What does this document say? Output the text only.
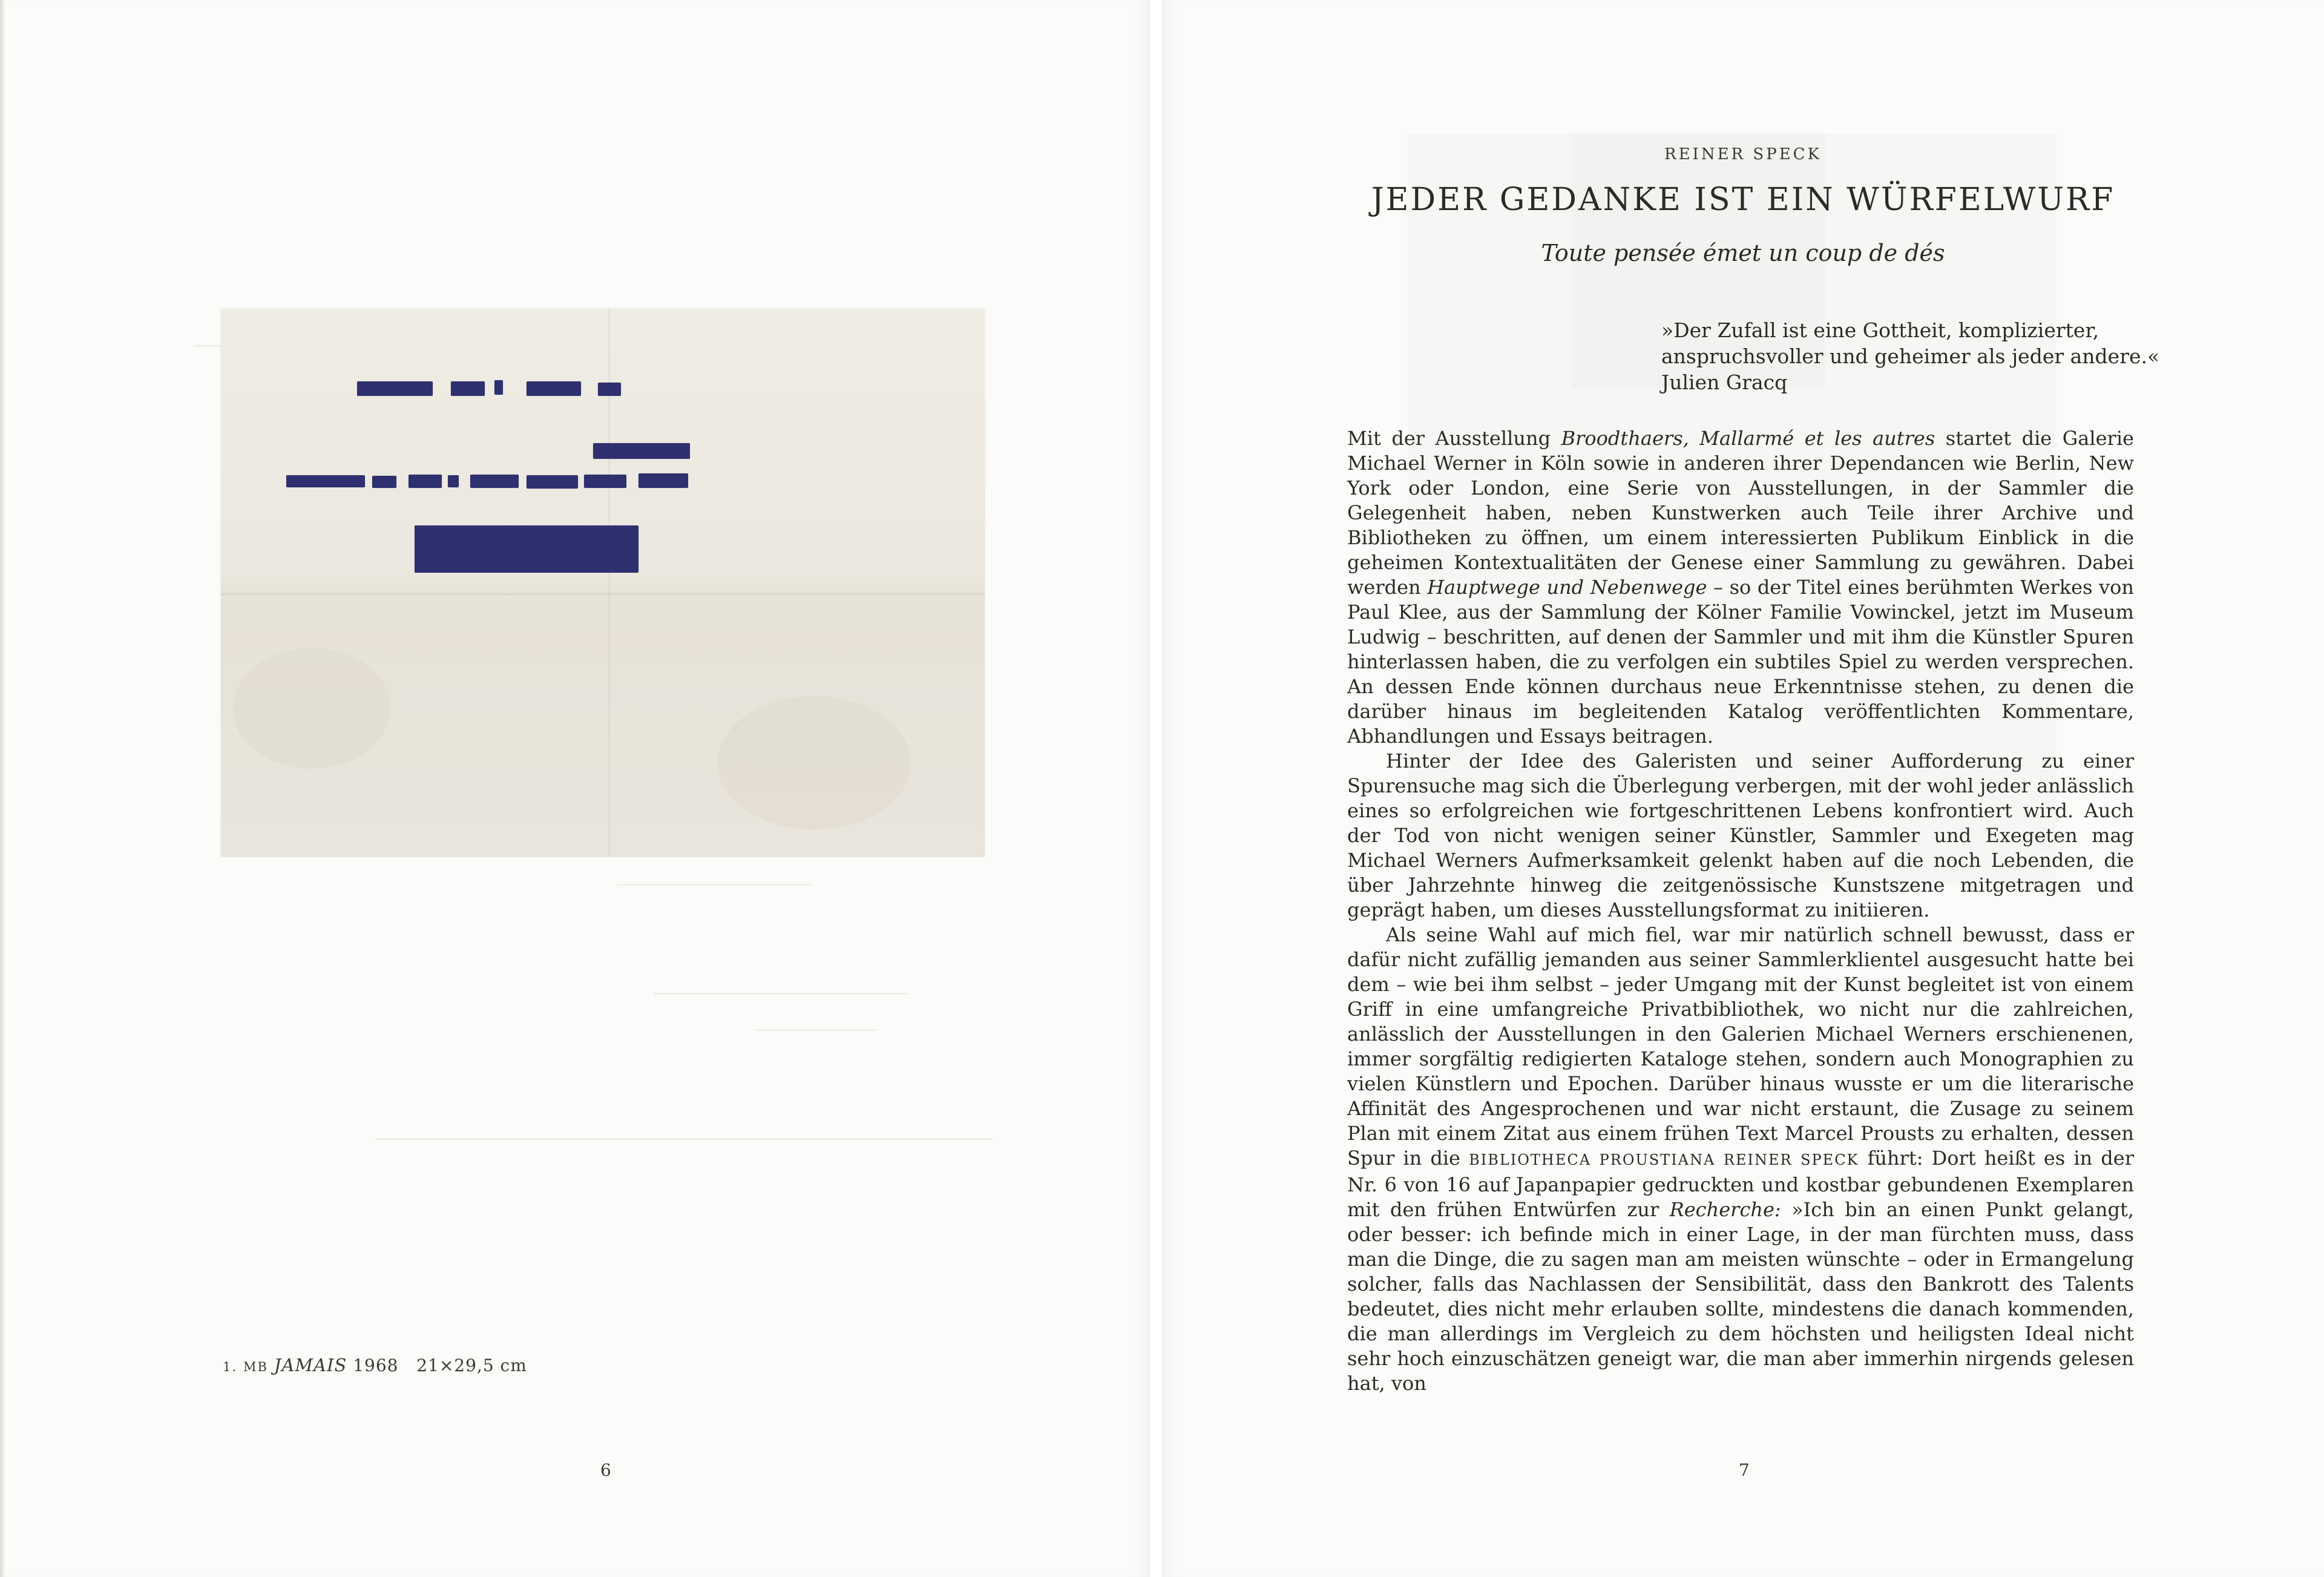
1. MB JAMAIS 1968 21×29,5 cm
6
REINER SPECK
JEDER GEDANKE IST EIN WÜRFELWURF
Toute pensée émet un coup de dés
»Der Zufall ist eine Gottheit, komplizierter,
anspruchsvoller und geheimer als jeder andere.«
Julien Gracq

Mit der Ausstellung Broodthaers, Mallarmé et les autres startet die Galerie Michael Werner in Köln sowie in anderen ihrer Dependancen wie Berlin, New York oder London, eine Serie von Ausstellungen, in der Sammler die Gelegenheit haben, neben Kunstwerken auch Teile ihrer Archive und Bibliotheken zu öffnen, um einem interessierten Publikum Einblick in die geheimen Kontextualitäten der Genese einer Sammlung zu gewähren. Dabei werden Hauptwege und Nebenwege – so der Titel eines berühmten Werkes von Paul Klee, aus der Sammlung der Kölner Familie Vowinckel, jetzt im Museum Ludwig – beschritten, auf denen der Sammler und mit ihm die Künstler Spuren hinterlassen haben, die zu verfolgen ein subtiles Spiel zu werden versprechen. An dessen Ende können durchaus neue Erkenntnisse stehen, zu denen die darüber hinaus im begleitenden Katalog veröffentlichten Kommentare, Abhandlungen und Essays beitragen.

Hinter der Idee des Galeristen und seiner Aufforderung zu einer Spurensuche mag sich die Überlegung verbergen, mit der wohl jeder anlässlich eines so erfolgreichen wie fortgeschrittenen Lebens konfrontiert wird. Auch der Tod von nicht wenigen seiner Künstler, Sammler und Exegeten mag Michael Werners Aufmerksamkeit gelenkt haben auf die noch Lebenden, die über Jahrzehnte hinweg die zeitgenössische Kunstszene mitgetragen und geprägt haben, um dieses Ausstellungsformat zu initiieren.

Als seine Wahl auf mich fiel, war mir natürlich schnell bewusst, dass er dafür nicht zufällig jemanden aus seiner Sammlerklientel ausgesucht hatte bei dem – wie bei ihm selbst – jeder Umgang mit der Kunst begleitet ist von einem Griff in eine umfangreiche Privatbibliothek, wo nicht nur die zahlreichen, anlässlich der Ausstellungen in den Galerien Michael Werners erschienenen, immer sorgfältig redigierten Kataloge stehen, sondern auch Monographien zu vielen Künstlern und Epochen. Darüber hinaus wusste er um die literarische Affinität des Angesprochenen und war nicht erstaunt, die Zusage zu seinem Plan mit einem Zitat aus einem frühen Text Marcel Prousts zu erhalten, dessen Spur in die BIBLIOTHECA PROUSTIANA REINER SPECK führt: Dort heißt es in der Nr. 6 von 16 auf Japanpapier gedruckten und kostbar gebundenen Exemplaren mit den frühen Entwürfen zur Recherche: »Ich bin an einen Punkt gelangt, oder besser: ich befinde mich in einer Lage, in der man fürchten muss, dass man die Dinge, die zu sagen man am meisten wünschte – oder in Ermangelung solcher, falls das Nachlassen der Sensibilität, dass den Bankrott des Talents bedeutet, dies nicht mehr erlauben sollte, mindestens die danach kommenden, die man allerdings im Vergleich zu dem höchsten und heiligsten Ideal nicht sehr hoch einzuschätzen geneigt war, die man aber immerhin nirgends gelesen hat, von

7
